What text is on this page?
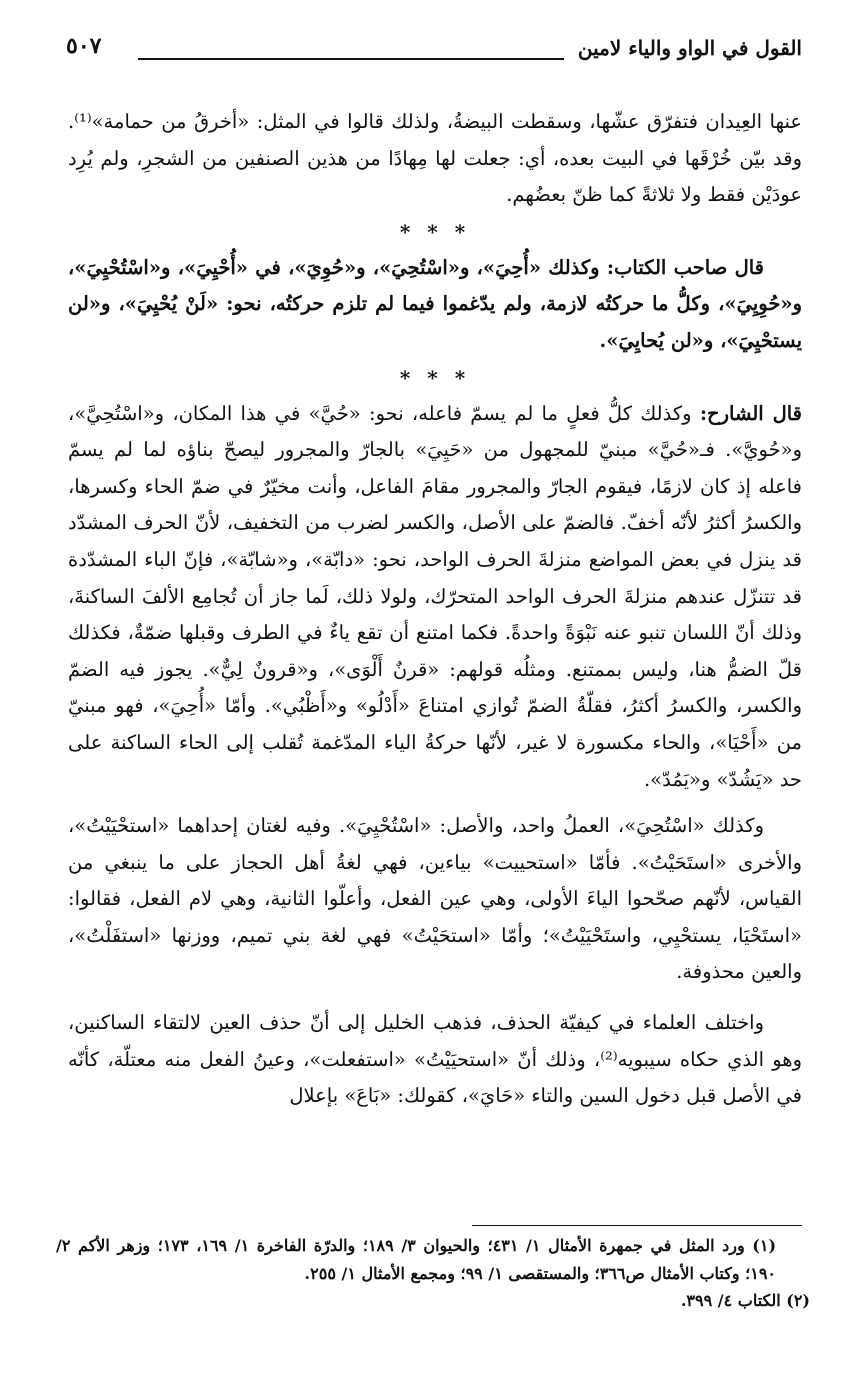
القول في الواو والياء لامين
٥٠٧

عنها العِيدان فتفرّق عشّها، وسقطت البيضةُ، ولذلك قالوا في المثل: «أخرقُ من حمامة»⁽¹⁾. وقد بيّن خُرْقَها في البيت بعده، أي: جعلت لها مِهادًا من هذين الصنفين من الشجرِ، ولم يُرِد عودَيْن فقط ولا ثلاثةً كما ظنّ بعضُهم.

* * *

قال صاحب الكتاب: وكذلك «أُحِيَ»، و«اسْتُحِيَ»، و«حُوِيَ»، في «أُحْيِيَ»، و«اسْتُحْيِيَ»، و«حُوِيِيَ»، وكلُّ ما حركتُه لازمة، ولم يدّغموا فيما لم تلزم حركتُه، نحو: «لَنْ يُحْيِيَ»، و«لن يستحْيِيَ»، و«لن يُحايِيَ».

* * *

قال الشارح: وكذلك كلُّ فعلٍ ما لم يسمّ فاعله، نحو: «حُيَّ» في هذا المكان، و«اسْتُحِيَّ»، و«حُويَّ». فـ«حُيَّ» مبنيّ للمجهول من «حَيِيَ» بالجارّ والمجرور ليصحّ بناؤه لما لم يسمّ فاعله إذ كان لازمًا، فيقوم الجارّ والمجرور مقامَ الفاعل، وأنت مخيّرٌ في ضمّ الحاء وكسرها، والكسرُ أكثرُ لأنّه أخفّ. فالضمّ على الأصل، والكسر لضرب من التخفيف، لأنّ الحرف المشدّد قد ينزل في بعض المواضع منزلةَ الحرف الواحد، نحو: «دابّة»، و«شابّة»، فإنّ الباء المشدّدة قد تتنزّل عندهم منزلةَ الحرف الواحد المتحرّك، ولولا ذلك، لَما جاز أن تُجامِع الألفَ الساكنةَ، وذلك أنّ اللسان تنبو عنه نَبْوَةً واحدةً. فكما امتنع أن تقع ياءٌ في الطرف وقبلها ضمّةٌ، فكذلك قلّ الضمُّ هنا، وليس بممتنع. ومثلُه قولهم: «قرنٌ أَلْوَى»، و«قرونٌ لِيٌّ». يجوز فيه الضمّ والكسر، والكسرُ أكثرُ، فقلّةُ الضمّ تُوازي امتناعَ «أَدْلُو» و«أَظْبُي». وأمّا «أُحِيَ»، فهو مبنيّ من «أَحْيَا»، والحاء مكسورة لا غير، لأنّها حركةُ الياء المدّغمة تُقلب إلى الحاء الساكنة على حد «يَشُدّ» و«يَمُدّ».

وكذلك «اسْتُحِيَ»، العملُ واحد، والأصل: «اسْتُحْيِيَ». وفيه لغتان إحداهما «استحْيَيْتُ»، والأخرى «استَحَيْتُ». فأمّا «استحييت» بياءين، فهي لغةُ أهل الحجاز على ما ينبغي من القياس، لأنّهم صحّحوا الياءَ الأولى، وهي عين الفعل، وأعلّوا الثانية، وهي لام الفعل، فقالوا: «استَحْيَا، يستحْيِي، واستَحْيَيْتُ»؛ وأمّا «استحَيْتُ» فهي لغة بني تميم، ووزنها «استفَلْتُ»، والعين محذوفة.

واختلف العلماء في كيفيّة الحذف، فذهب الخليل إلى أنّ حذف العين لالتقاء الساكنين، وهو الذي حكاه سيبويه⁽²⁾، وذلك أنّ «استحيَيْتُ» «استفعلت»، وعينُ الفعل منه معتلّة، كأنّه في الأصل قبل دخول السين والتاء «حَايَ»، كقولك: «بَاعَ» بإعلال

(١) ورد المثل في جمهرة الأمثال ١/ ٤٣١؛ والحيوان ٣/ ١٨٩؛ والدرّة الفاخرة ١/ ١٦٩، ١٧٣؛ وزهر الأكم ٢/ ١٩٠؛ وكتاب الأمثال ص٣٦٦؛ والمستقصى ١/ ٩٩؛ ومجمع الأمثال ١/ ٢٥٥.

(٢) الكتاب ٤/ ٣٩٩.
